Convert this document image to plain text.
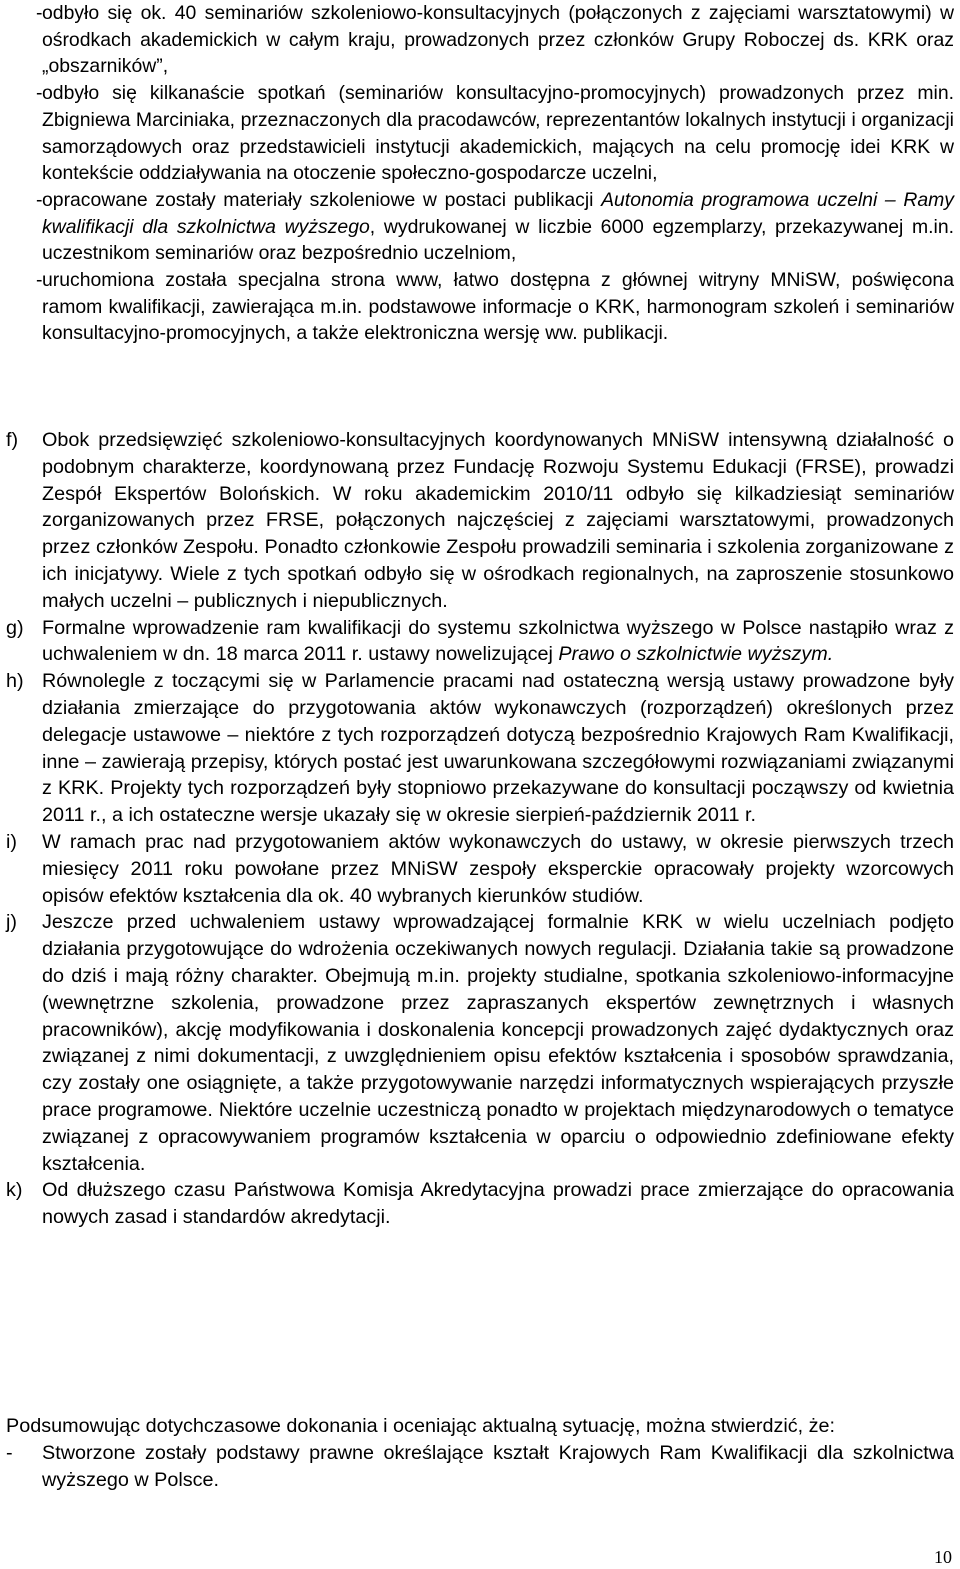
- odbyło się ok. 40 seminariów szkoleniowo-konsultacyjnych (połączonych z zajęciami warsztatowymi) w ośrodkach akademickich w całym kraju, prowadzonych przez członków Grupy Roboczej ds. KRK oraz „obszarników”,
- odbyło się kilkanaście spotkań (seminariów konsultacyjno-promocyjnych) prowadzonych przez min. Zbigniewa Marciniaka, przeznaczonych dla pracodawców, reprezentantów lokalnych instytucji i organizacji samorządowych oraz przedstawicieli instytucji akademickich, mających na celu promocję idei KRK w kontekście oddziaływania na otoczenie społeczno-gospodarcze uczelni,
- opracowane zostały materiały szkoleniowe w postaci publikacji Autonomia programowa uczelni – Ramy kwalifikacji dla szkolnictwa wyższego, wydrukowanej w liczbie 6000 egzemplarzy, przekazywanej m.in. uczestnikom seminariów oraz bezpośrednio uczelniom,
- uruchomiona została specjalna strona www, łatwo dostępna z głównej witryny MNiSW, poświęcona ramom kwalifikacji, zawierająca m.in. podstawowe informacje o KRK, harmonogram szkoleń i seminariów konsultacyjno-promocyjnych, a także elektroniczna wersję ww. publikacji.
f)	Obok przedsięwzięć szkoleniowo-konsultacyjnych koordynowanych MNiSW intensywną działalność o podobnym charakterze, koordynowaną przez Fundację Rozwoju Systemu Edukacji (FRSE), prowadzi Zespół Ekspertów Bolońskich. W roku akademickim 2010/11 odbyło się kilkadziesiąt seminariów zorganizowanych przez FRSE, połączonych najczęściej z zajęciami warsztatowymi, prowadzonych przez członków Zespołu. Ponadto członkowie Zespołu prowadzili seminaria i szkolenia zorganizowane z ich inicjatywy. Wiele z tych spotkań odbyło się w ośrodkach regionalnych, na zaproszenie stosunkowo małych uczelni – publicznych i niepublicznych.
g) Formalne wprowadzenie ram kwalifikacji do systemu szkolnictwa wyższego w Polsce nastąpiło wraz z uchwaleniem w dn. 18 marca 2011 r. ustawy nowelizującej Prawo o szkolnictwie wyższym.
h) Równolegle z toczącymi się w Parlamencie pracami nad ostateczną wersją ustawy prowadzone były działania zmierzające do przygotowania aktów wykonawczych (rozporządzeń) określonych przez delegacje ustawowe – niektóre z tych rozporządzeń dotyczą bezpośrednio Krajowych Ram Kwalifikacji, inne – zawierają przepisy, których postać jest uwarunkowana szczegółowymi rozwiązaniami związanymi z KRK. Projekty tych rozporządzeń były stopniowo przekazywane do konsultacji począwszy od kwietnia 2011 r., a ich ostateczne wersje ukazały się w okresie sierpień-październik 2011 r.
i)	W ramach prac nad przygotowaniem aktów wykonawczych do ustawy, w okresie pierwszych trzech miesięcy 2011 roku powołane przez MNiSW zespoły eksperckie opracowały projekty wzorcowych opisów efektów kształcenia dla ok. 40 wybranych kierunków studiów.
j)	Jeszcze przed uchwaleniem ustawy wprowadzającej formalnie KRK w wielu uczelniach podjęto działania przygotowujące do wdrożenia oczekiwanych nowych regulacji. Działania takie są prowadzone do dziś i mają różny charakter. Obejmują m.in. projekty studialne, spotkania szkoleniowo-informacyjne (wewnętrzne szkolenia, prowadzone przez zapraszanych ekspertów zewnętrznych i własnych pracowników), akcję modyfikowania i doskonalenia koncepcji prowadzonych zajęć dydaktycznych oraz związanej z nimi dokumentacji, z uwzględnieniem opisu efektów kształcenia i sposobów sprawdzania, czy zostały one osiągnięte, a także przygotowywanie narzędzi informatycznych wspierających przyszłe prace programowe. Niektóre uczelnie uczestniczą ponadto w projektach międzynarodowych o tematyce związanej z opracowywaniem programów kształcenia w oparciu o odpowiednio zdefiniowane efekty kształcenia.
k) Od dłuższego czasu Państwowa Komisja Akredytacyjna prowadzi prace zmierzające do opracowania nowych zasad i standardów akredytacji.

Podsumowując dotychczasowe dokonania i oceniając aktualną sytuację, można stwierdzić, że:

-	Stworzone zostały podstawy prawne określające kształt Krajowych Ram Kwalifikacji dla szkolnictwa wyższego w Polsce.
10
